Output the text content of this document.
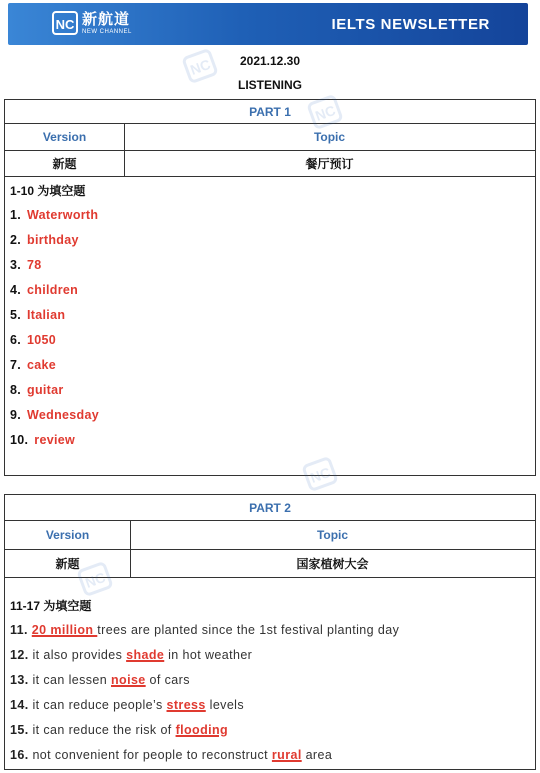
NC 新航道
NEW CHANNEL	IELTS NEWSLETTER
2021.12.30
LISTENING
PART 1
Version	Topic
新题	餐厅预订
1-10 为填空题
1. Waterworth
2. birthday
3. 78
4. children
5. Italian
6. 1050
7. cake
8. guitar
9. Wednesday
10. review
PART 2
Version	Topic
新题	国家植树大会
11-17 为填空题
11. 20 million trees are planted since the 1st festival planting day
12. it also provides shade in hot weather
13. it can lessen noise of cars
14. it can reduce people’s stress levels
15. it can reduce the risk of flooding
16. not convenient for people to reconstruct rural area
NC
NC
NC
NC
